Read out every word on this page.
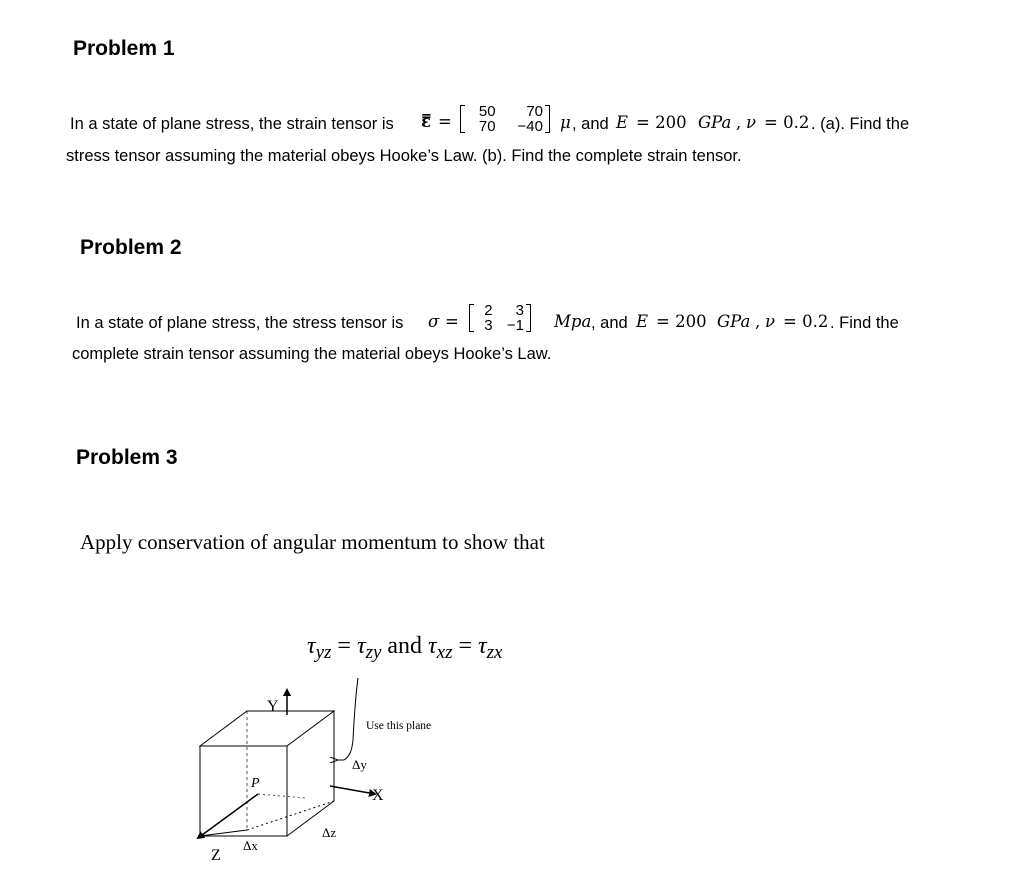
Problem 1
In a state of plane stress, the strain tensor is ε̿ =
50	70
70	−40 μ , and E = 200 GPa , ν = 0.2 . (a). Find the
stress tensor assuming the material obeys Hooke’s Law. (b). Find the complete strain tensor.
Problem 2
In a state of plane stress, the stress tensor is σ =
2	3
3 −1 Mpa , and E = 200 GPa , ν = 0.2 . Find the
complete strain tensor assuming the material obeys Hooke’s Law.
Problem 3
Apply conservation of angular momentum to show that
$\tau_{yz} = \tau_{zy}$ and $\tau_{xz} = \tau_{zx}$
Y
Use this plane
Δy
X
P
Δz
Δx
Z
